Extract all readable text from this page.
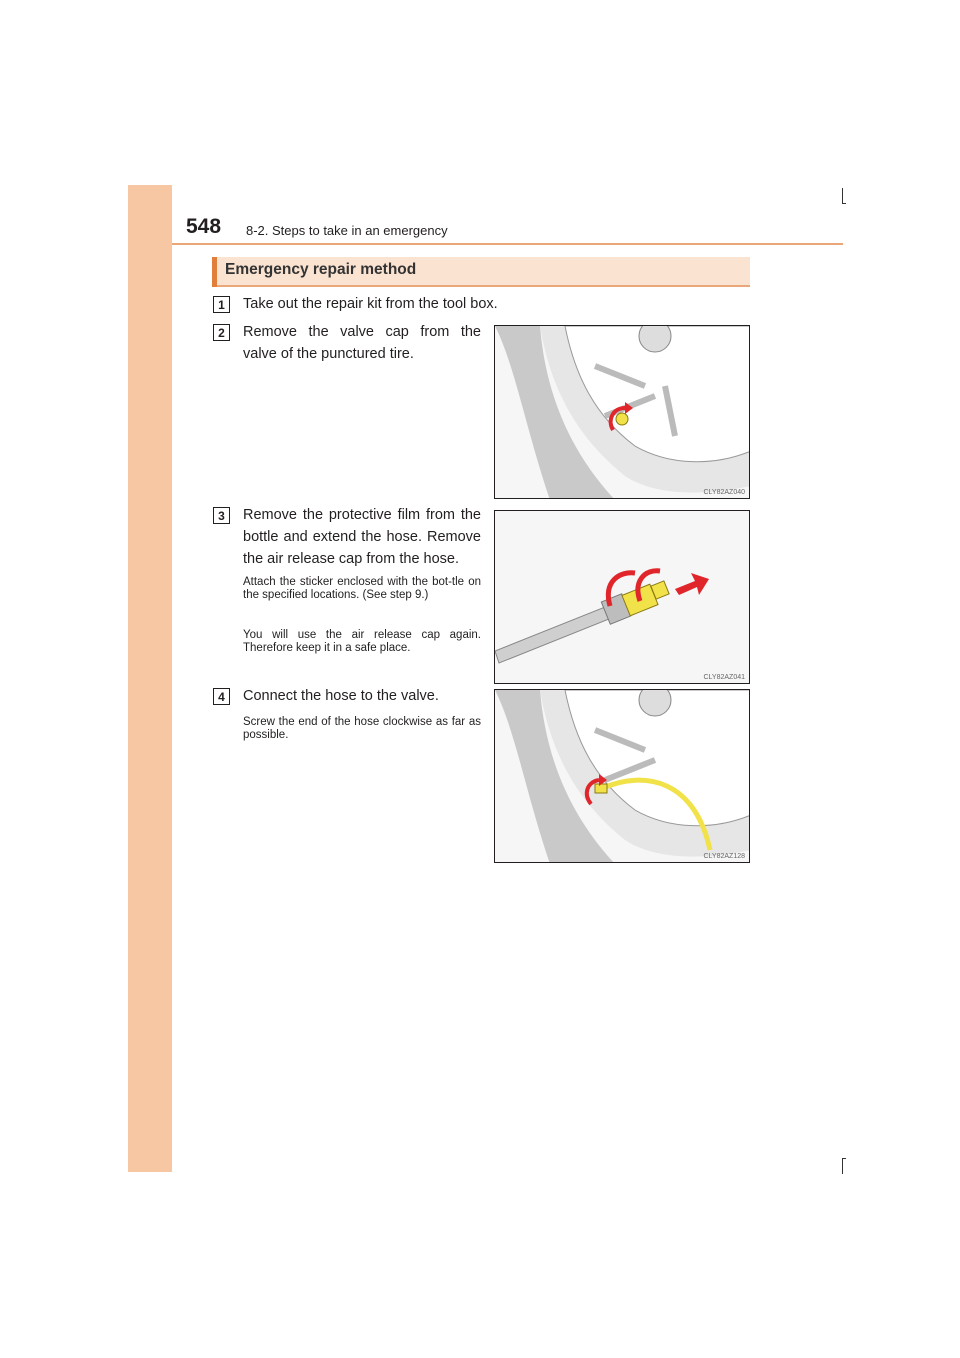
548 8-2. Steps to take in an emergency
Emergency repair method
1	Take out the repair kit from the tool box.
2	Remove the valve cap from the valve of the punctured tire.
CLY82AZ040
3	Remove the protective film from the bottle and extend the hose. Remove the air release cap from the hose.
Attach the sticker enclosed with the bot-tle on the specified locations. (See step 9.)
You will use the air release cap again. Therefore keep it in a safe place.
CLY82AZ041
4	Connect the hose to the valve.
Screw the end of the hose clockwise as far as possible.
CLY82AZ128
